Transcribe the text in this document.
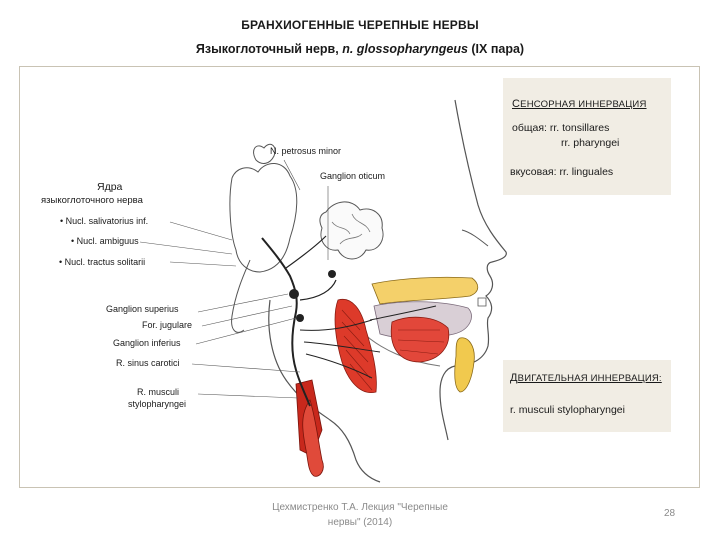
БРАНХИОГЕННЫЕ ЧЕРЕПНЫЕ НЕРВЫ
Языкоглоточный нерв, n. glossopharyngeus (IX пара)
СЕНСОРНАЯ ИННЕРВАЦИЯ
общая: rr. tonsillares
rr. pharyngei
вкусовая: rr. linguales
ДВИГАТЕЛЬНАЯ ИННЕРВАЦИЯ:
r. musculi stylopharyngei
N. petrosus minor
Ganglion oticum
Ядра
языкоглоточного нерва
• Nucl. salivatorius inf.
• Nucl. ambiguus
• Nucl. tractus solitarii
Ganglion superius
For. jugulare
Ganglion inferius
R. sinus carotici
R. musculi
stylopharyngei
Цехмистренко Т.А. Лекция "Черепные
нервы" (2014)
28
